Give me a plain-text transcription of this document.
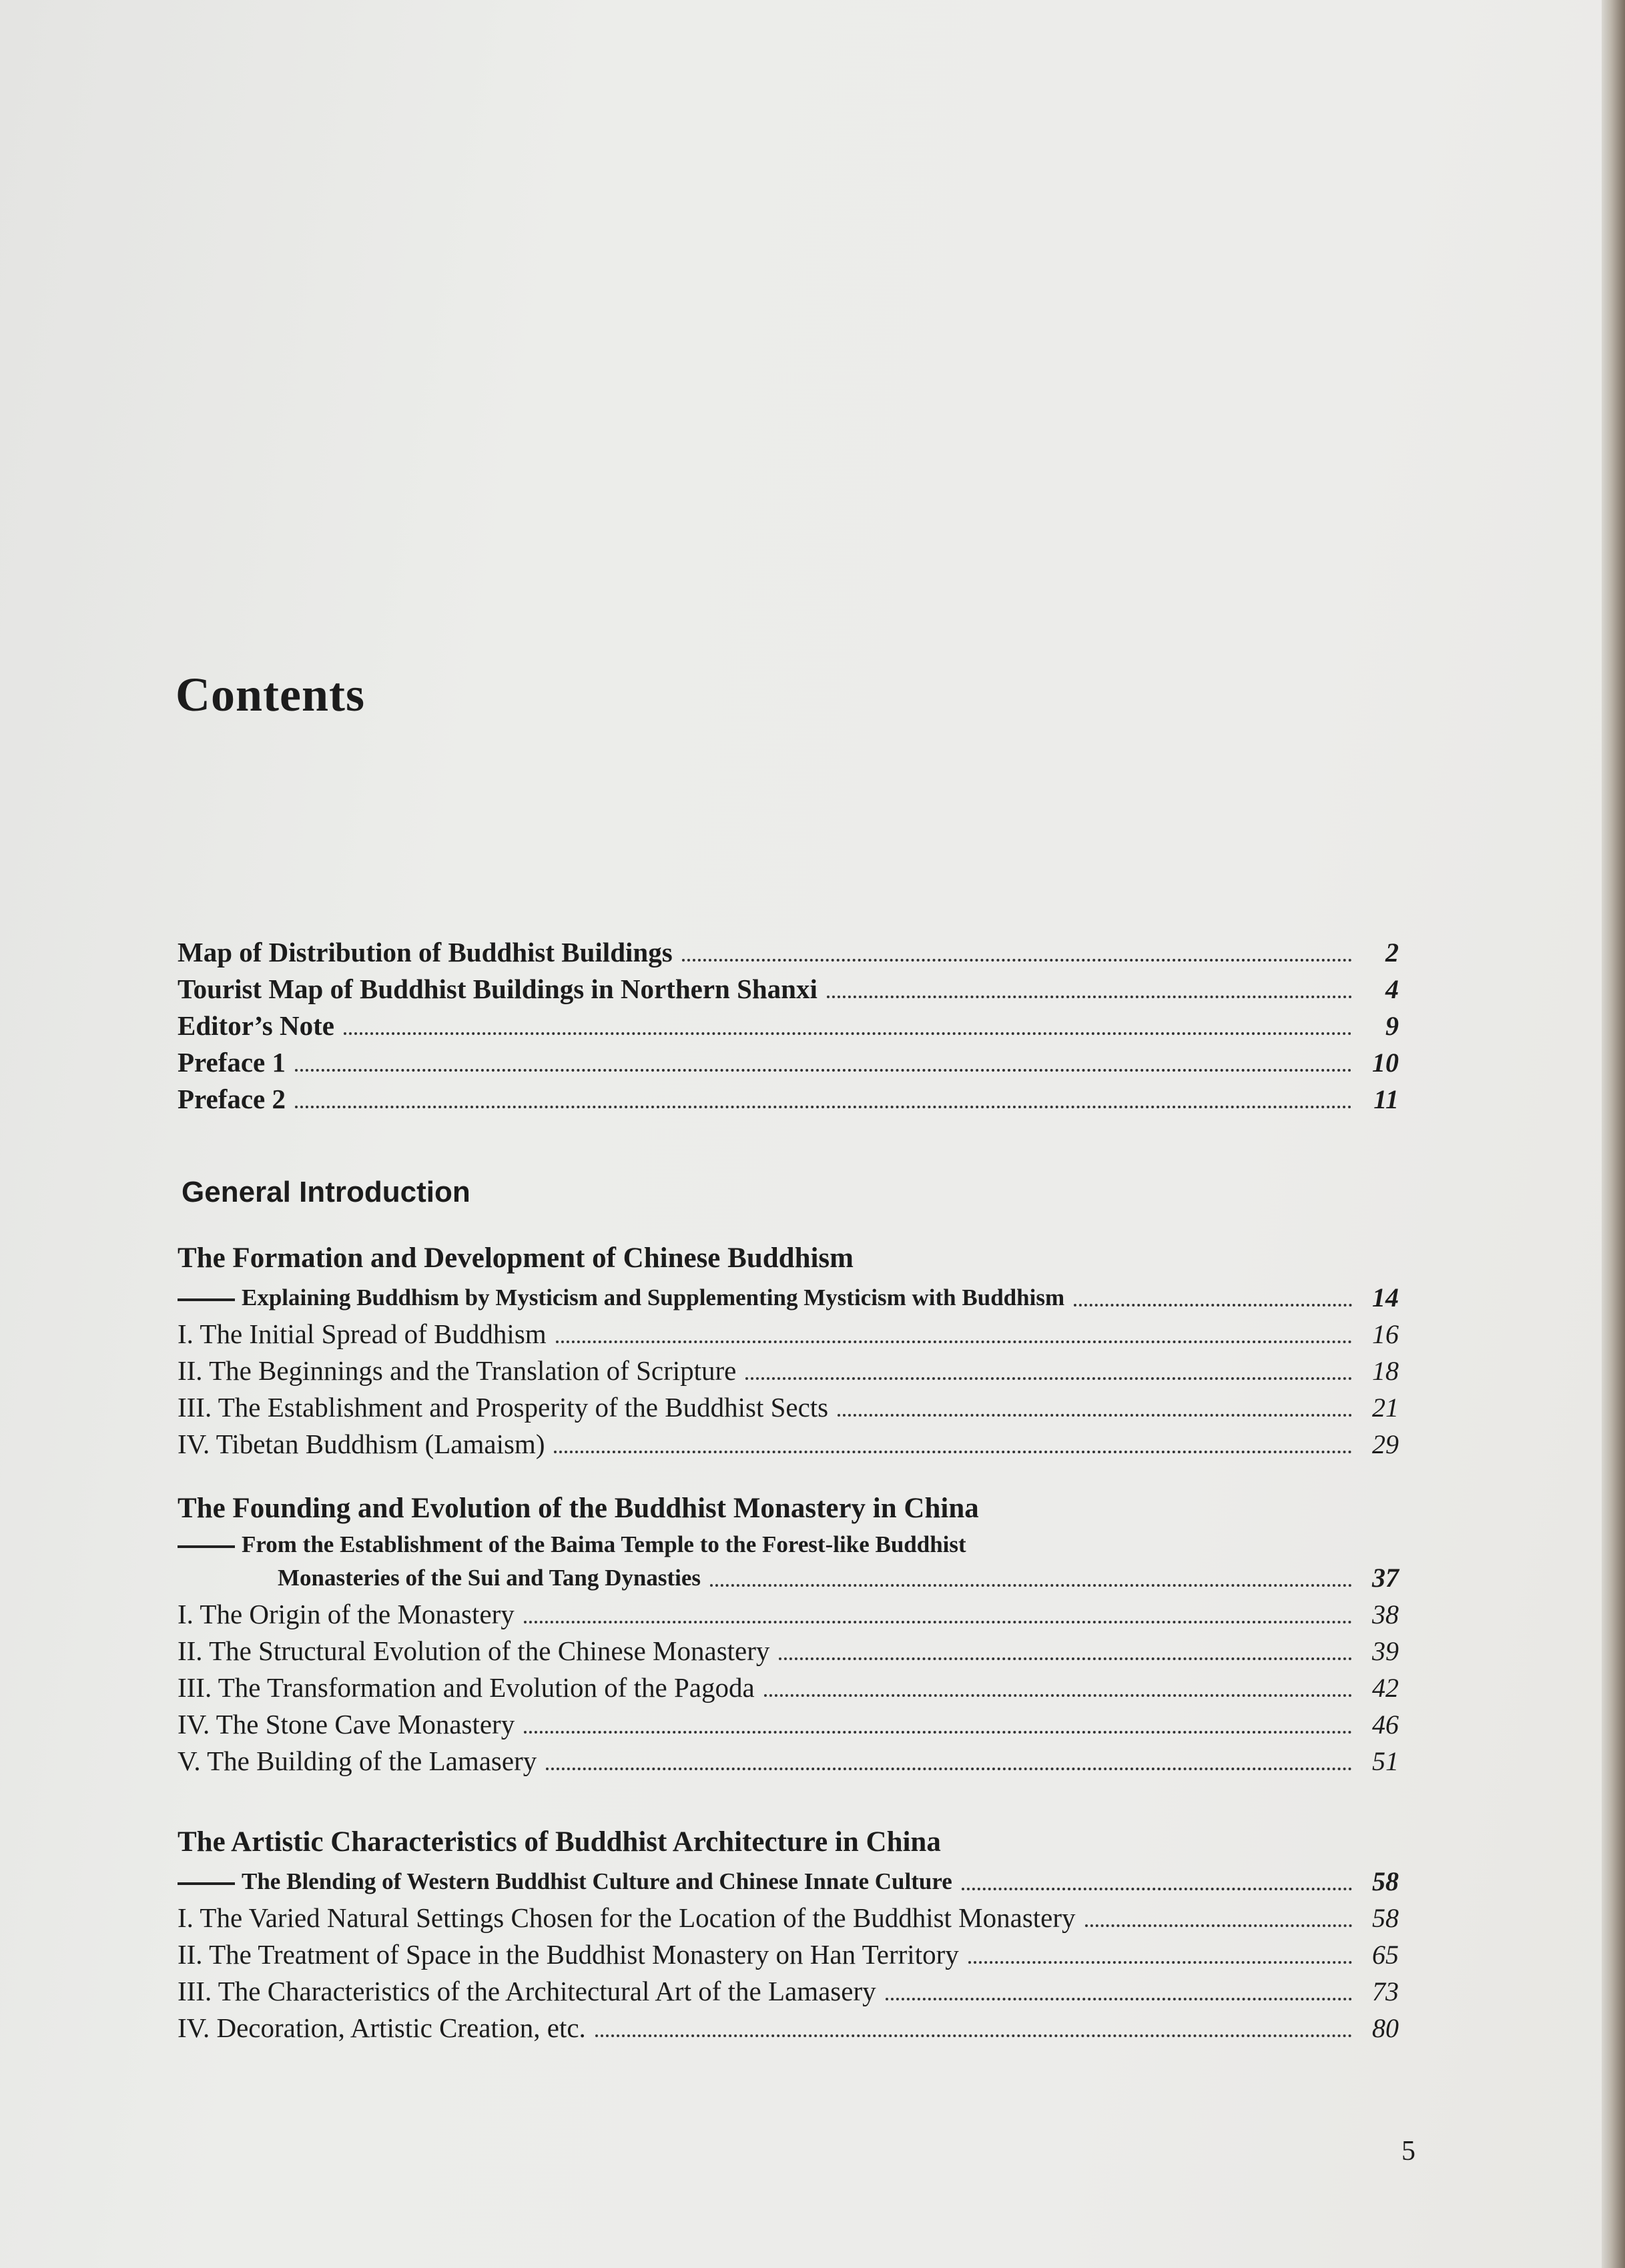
Contents
Map of Distribution of Buddhist Buildings	2
Tourist Map of Buddhist Buildings in Northern Shanxi	4
Editor’s Note	9
Preface 1	10
Preface 2	11
General Introduction
The Formation and Development of Chinese Buddhism
Explaining Buddhism by Mysticism and Supplementing Mysticism with Buddhism	14
I. The Initial Spread of Buddhism	16
II. The Beginnings and the Translation of Scripture	18
III. The Establishment and Prosperity of the Buddhist Sects	21
IV. Tibetan Buddhism (Lamaism)	29
The Founding and Evolution of the Buddhist Monastery in China
From the Establishment of the Baima Temple to the Forest-like Buddhist
Monasteries of the Sui and Tang Dynasties	37
I. The Origin of the Monastery	38
II. The Structural Evolution of the Chinese Monastery	39
III. The Transformation and Evolution of the Pagoda	42
IV. The Stone Cave Monastery	46
V. The Building of the Lamasery	51
The Artistic Characteristics of Buddhist Architecture in China
The Blending of Western Buddhist Culture and Chinese Innate Culture	58
I. The Varied Natural Settings Chosen for the Location of the Buddhist Monastery	58
II. The Treatment of Space in the Buddhist Monastery on Han Territory	65
III. The Characteristics of the Architectural Art of the Lamasery	73
IV. Decoration, Artistic Creation, etc.	80
5
